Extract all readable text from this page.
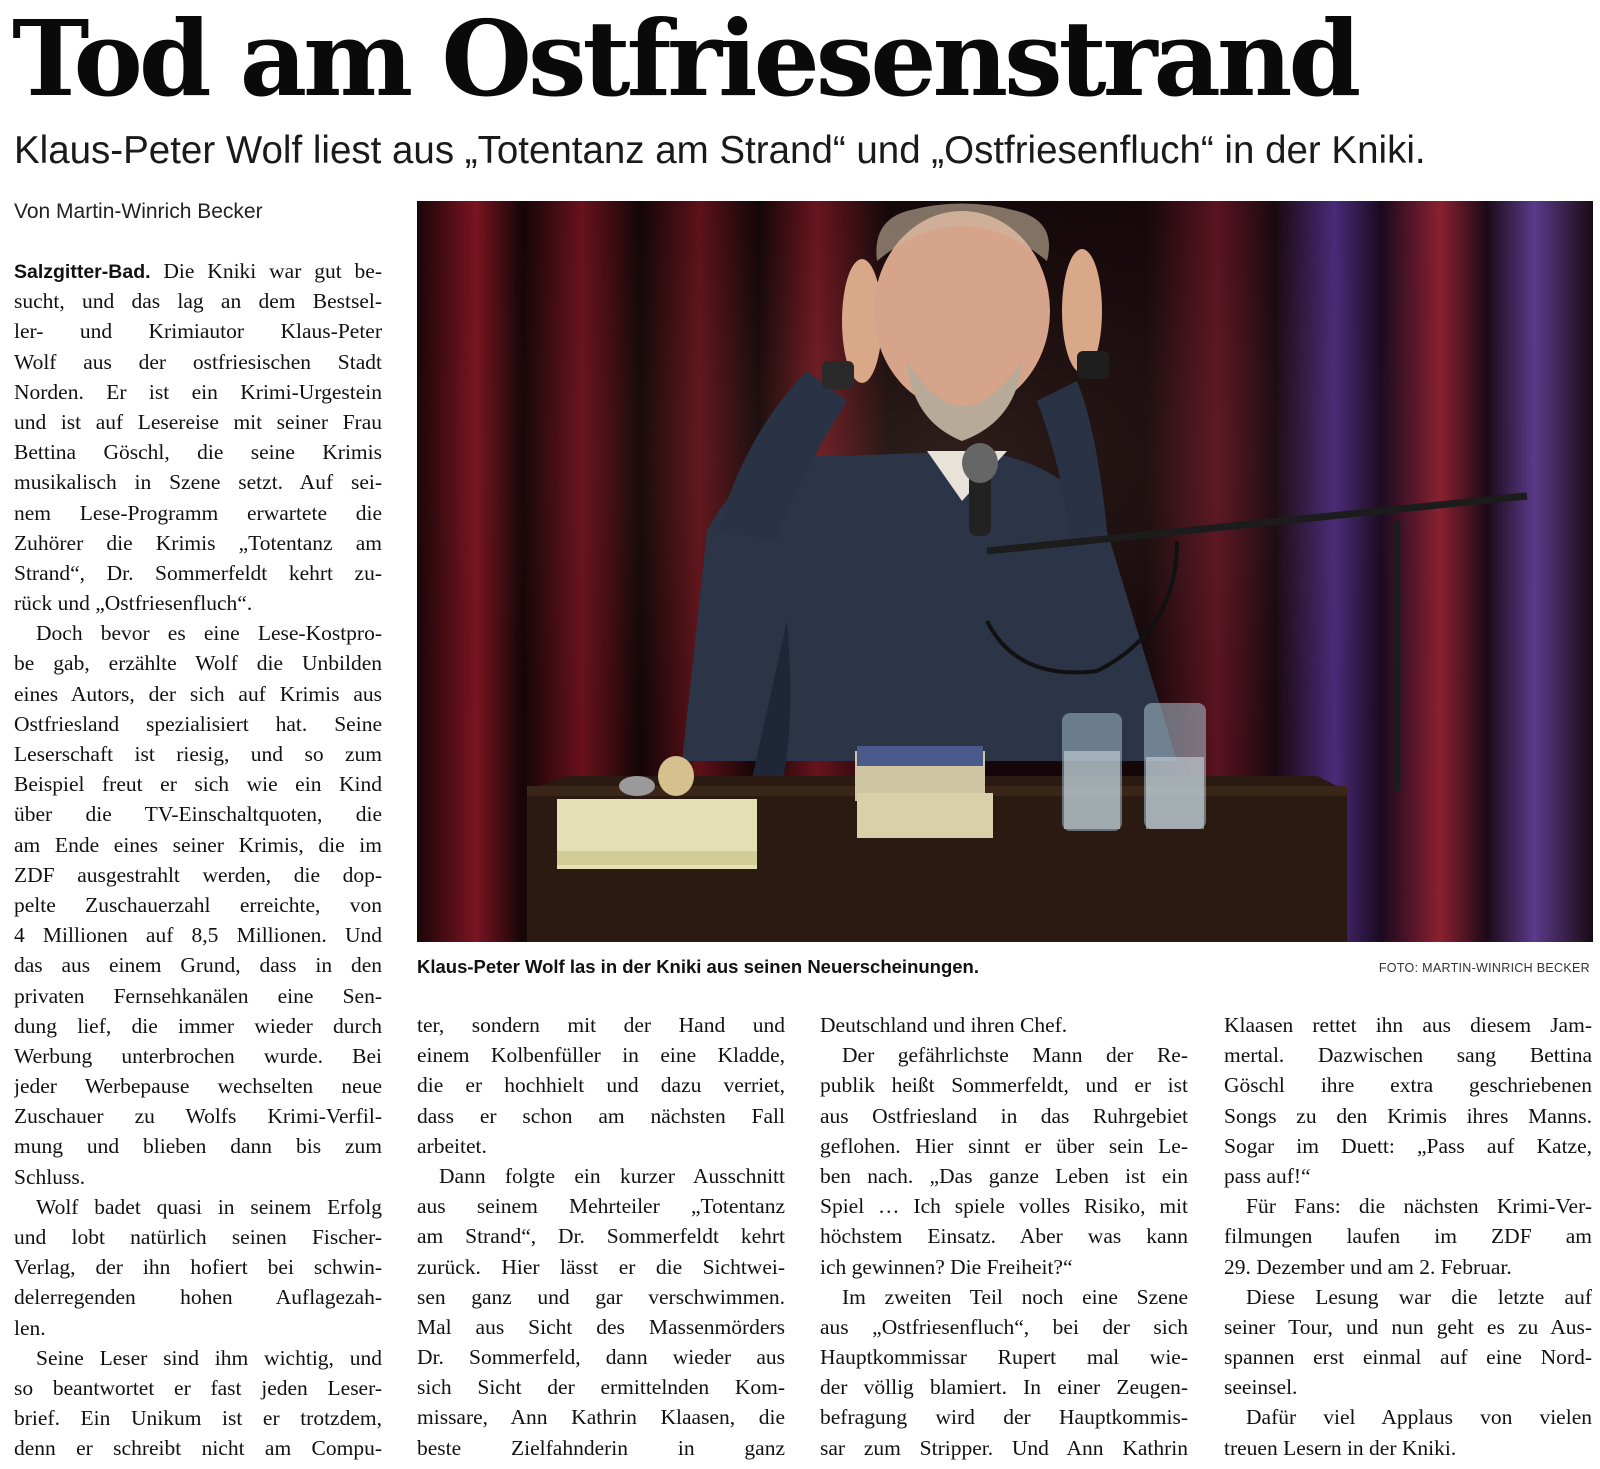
Tod am Ostfriesenstrand
Klaus-Peter Wolf liest aus „Totentanz am Strand“ und „Ostfriesenfluch“ in der Kniki.
Von Martin-Winrich Becker
Klaus-Peter Wolf las in der Kniki aus seinen Neuerscheinungen.	FOTO: MARTIN-WINRICH BECKER
Salzgitter-Bad. Die Kniki war gut be-
sucht, und das lag an dem Bestsel-
ler- und Krimiautor Klaus-Peter
Wolf aus der ostfriesischen Stadt
Norden. Er ist ein Krimi-Urgestein
und ist auf Lesereise mit seiner Frau
Bettina Göschl, die seine Krimis
musikalisch in Szene setzt. Auf sei-
nem Lese-Programm erwartete die
Zuhörer die Krimis „Totentanz am
Strand“, Dr. Sommerfeldt kehrt zu-
rück und „Ostfriesenfluch“.
Doch bevor es eine Lese-Kostpro-
be gab, erzählte Wolf die Unbilden
eines Autors, der sich auf Krimis aus
Ostfriesland spezialisiert hat. Seine
Leserschaft ist riesig, und so zum
Beispiel freut er sich wie ein Kind
über die TV-Einschaltquoten, die
am Ende eines seiner Krimis, die im
ZDF ausgestrahlt werden, die dop-
pelte Zuschauerzahl erreichte, von
4 Millionen auf 8,5 Millionen. Und
das aus einem Grund, dass in den
privaten Fernsehkanälen eine Sen-
dung lief, die immer wieder durch
Werbung unterbrochen wurde. Bei
jeder Werbepause wechselten neue
Zuschauer zu Wolfs Krimi-Verfil-
mung und blieben dann bis zum
Schluss.
Wolf badet quasi in seinem Erfolg
und lobt natürlich seinen Fischer-
Verlag, der ihn hofiert bei schwin-
delerregenden hohen Auflagezah-
len.
Seine Leser sind ihm wichtig, und
so beantwortet er fast jeden Leser-
brief. Ein Unikum ist er trotzdem,
denn er schreibt nicht am Compu-
ter, sondern mit der Hand und
einem Kolbenfüller in eine Kladde,
die er hochhielt und dazu verriet,
dass er schon am nächsten Fall
arbeitet.
Dann folgte ein kurzer Ausschnitt
aus seinem Mehrteiler „Totentanz
am Strand“, Dr. Sommerfeldt kehrt
zurück. Hier lässt er die Sichtwei-
sen ganz und gar verschwimmen.
Mal aus Sicht des Massenmörders
Dr. Sommerfeld, dann wieder aus
sich Sicht der ermittelnden Kom-
missare, Ann Kathrin Klaasen, die
beste Zielfahnderin in ganz
Deutschland und ihren Chef.
Der gefährlichste Mann der Re-
publik heißt Sommerfeldt, und er ist
aus Ostfriesland in das Ruhrgebiet
geflohen. Hier sinnt er über sein Le-
ben nach. „Das ganze Leben ist ein
Spiel … Ich spiele volles Risiko, mit
höchstem Einsatz. Aber was kann
ich gewinnen? Die Freiheit?“
Im zweiten Teil noch eine Szene
aus „Ostfriesenfluch“, bei der sich
Hauptkommissar Rupert mal wie-
der völlig blamiert. In einer Zeugen-
befragung wird der Hauptkommis-
sar zum Stripper. Und Ann Kathrin
Klaasen rettet ihn aus diesem Jam-
mertal. Dazwischen sang Bettina
Göschl ihre extra geschriebenen
Songs zu den Krimis ihres Manns.
Sogar im Duett: „Pass auf Katze,
pass auf!“
Für Fans: die nächsten Krimi-Ver-
filmungen laufen im ZDF am
29. Dezember und am 2. Februar.
Diese Lesung war die letzte auf
seiner Tour, und nun geht es zu Aus-
spannen erst einmal auf eine Nord-
seeinsel.
Dafür viel Applaus von vielen
treuen Lesern in der Kniki.
